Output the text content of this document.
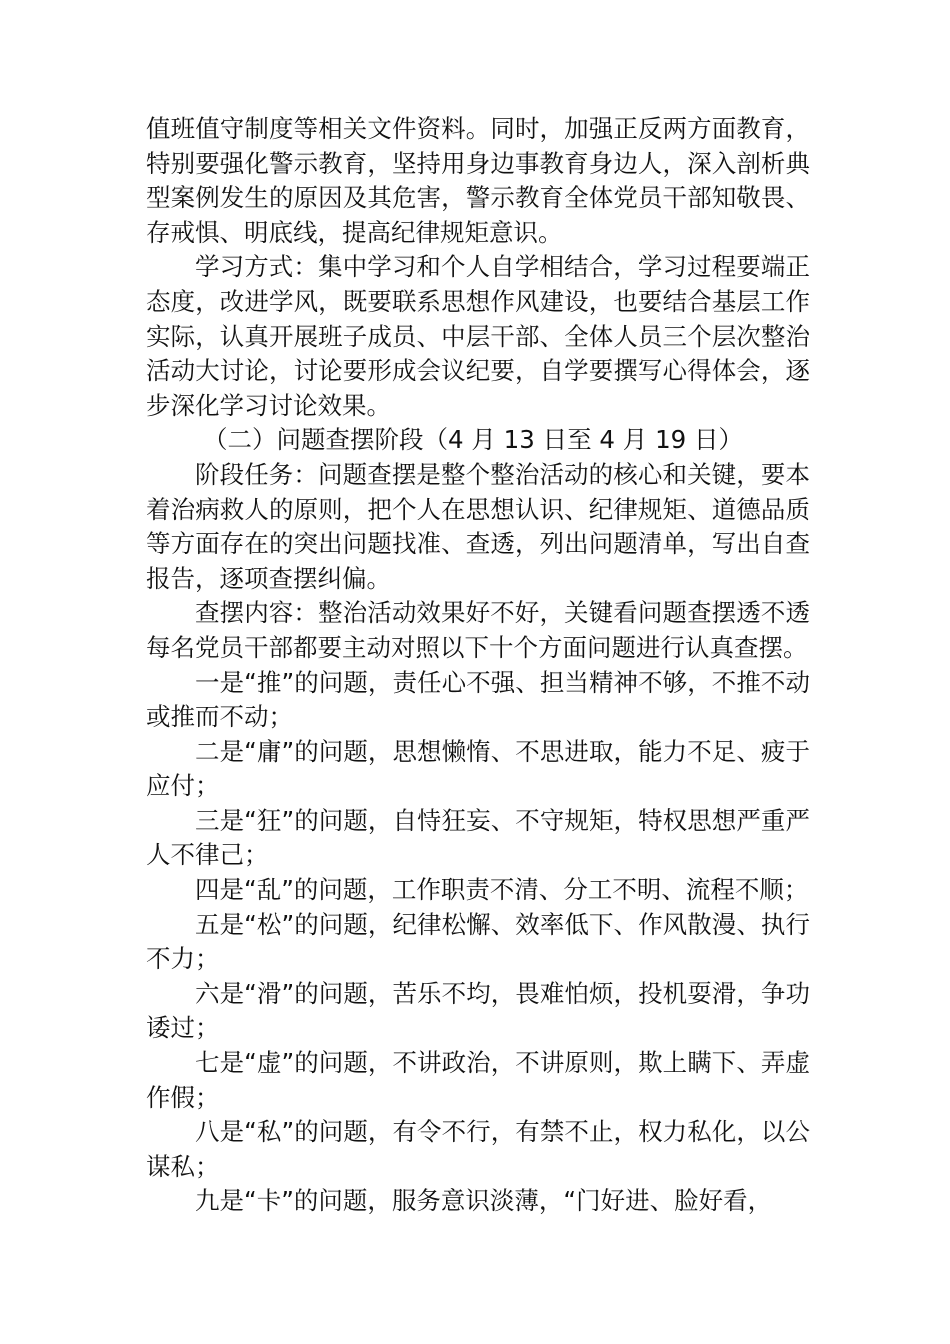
值班值守制度等相关文件资料。同时，加强正反两方面教育，特别要强化警示教育，坚持用身边事教育身边人，深入剖析典型案例发生的原因及其危害，警示教育全体党员干部知敬畏、存戒惧、明底线，提高纪律规矩意识。

学习方式：集中学习和个人自学相结合，学习过程要端正态度，改进学风，既要联系思想作风建设，也要结合基层工作实际，认真开展班子成员、中层干部、全体人员三个层次整治活动大讨论，讨论要形成会议纪要，自学要撰写心得体会，逐步深化学习讨论效果。

（二）问题查摆阶段（4 月 13 日至 4 月 19 日）

阶段任务：问题查摆是整个整治活动的核心和关键，要本着治病救人的原则，把个人在思想认识、纪律规矩、道德品质等方面存在的突出问题找准、查透，列出问题清单，写出自查报告，逐项查摆纠偏。

查摆内容：整治活动效果好不好，关键看问题查摆透不透每名党员干部都要主动对照以下十个方面问题进行认真查摆。

一是“推”的问题，责任心不强、担当精神不够，不推不动或推而不动；

二是“庸”的问题，思想懒惰、不思进取，能力不足、疲于应付；

三是“狂”的问题，自恃狂妄、不守规矩，特权思想严重严人不律己；

四是“乱”的问题，工作职责不清、分工不明、流程不顺；

五是“松”的问题，纪律松懈、效率低下、作风散漫、执行不力；

六是“滑”的问题，苦乐不均，畏难怕烦，投机耍滑，争功诿过；

七是“虚”的问题，不讲政治，不讲原则，欺上瞒下、弄虚作假；

八是“私”的问题，有令不行，有禁不止，权力私化，以公谋私；

九是“卡”的问题，服务意识淡薄，“门好进、脸好看，
